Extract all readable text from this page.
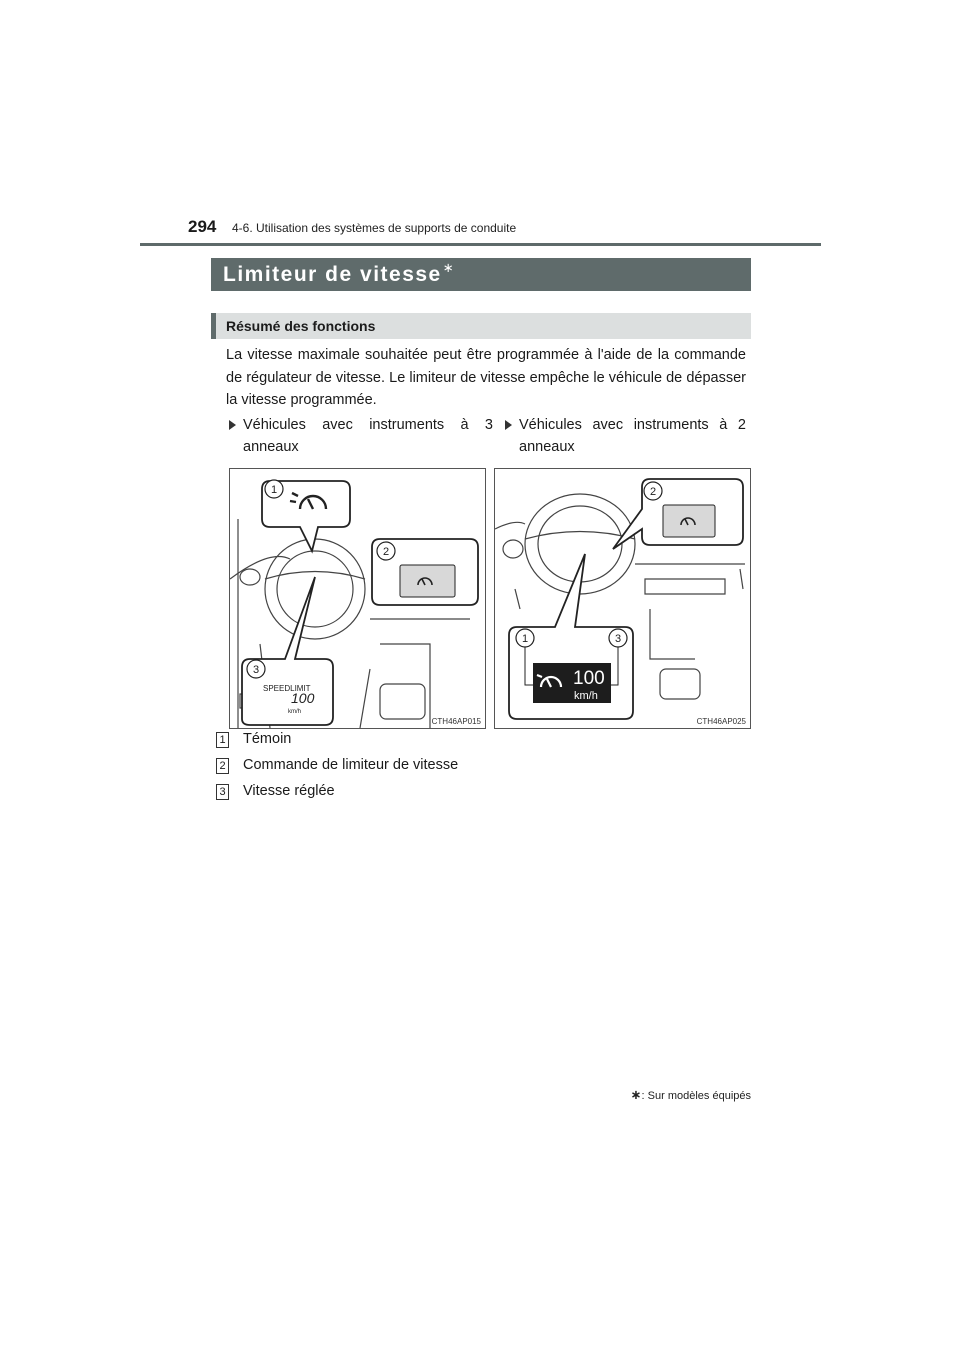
294 4-6. Utilisation des systèmes de supports de conduite
Limiteur de vitesse∗
Résumé des fonctions

La vitesse maximale souhaitée peut être programmée à l'aide de la commande de régulateur de vitesse. Le limiteur de vitesse empêche le véhicule de dépasser la vitesse programmée.

Véhicules avec instruments à 3 anneaux
Véhicules avec instruments à 2 anneaux
1
2
3
SPEEDLIMIT
100
km/h
CTH46AP015
2
1	3
100
km/h
CTH46AP025
1 Témoin
2 Commande de limiteur de vitesse
3 Vitesse réglée
∗: Sur modèles équipés
